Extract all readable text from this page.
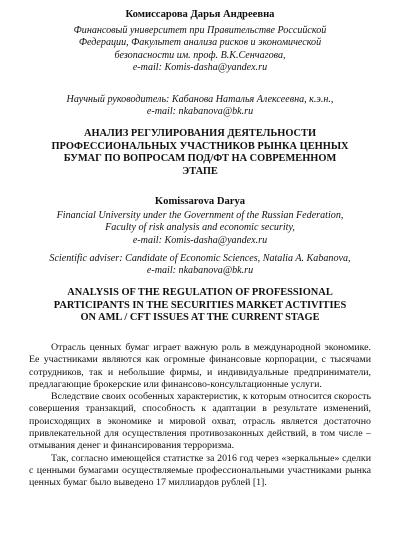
Комиссарова Дарья Андреевна
Финансовый университет при Правительстве Российской
Федерации, Факультет анализа рисков и экономической
безопасности им. проф. В.К.Сенчагова,
e-mail: Komis-dasha@yandex.ru
Научный руководитель: Кабанова Наталья Алексеевна, к.э.н.,
e-mail: nkabanova@bk.ru
АНАЛИЗ РЕГУЛИРОВАНИЯ ДЕЯТЕЛЬНОСТИ
ПРОФЕССИОНАЛЬНЫХ УЧАСТНИКОВ РЫНКА ЦЕННЫХ
БУМАГ ПО ВОПРОСАМ ПОД/ФТ НА СОВРЕМЕННОМ
ЭТАПЕ
Komissarova Darya
Financial University under the Government of the Russian Federation,
Faculty of risk analysis and economic security,
e-mail: Komis-dasha@yandex.ru
Scientific adviser: Candidate of Economic Sciences, Natalia A. Kabanova,
e-mail: nkabanova@bk.ru
ANALYSIS OF THE REGULATION OF PROFESSIONAL
PARTICIPANTS IN THE SECURITIES MARKET ACTIVITIES
ON AML / CFT ISSUES AT THE CURRENT STAGE

Отрасль ценных бумаг играет важную роль в международной экономике. Ее участниками являются как огромные финансовые корпорации, с тысячами сотрудников, так и небольшие фирмы, и индивидуальные предприниматели, предлагающие брокерские или финансово-консультационные услуги.

Вследствие своих особенных характеристик, к которым относится скорость совершения транзакций, способность к адаптации в результате изменений, происходящих в экономике и мировой охват, отрасль является достаточно привлекательной для осуществления противозаконных действий, в том числе – отмывания денег и финансирования терроризма.

Так, согласно имеющейся статистке за 2016 год через «зеркальные» сделки с ценными бумагами осуществляемые профессиональными участниками рынка ценных бумаг было выведено 17 миллиардов рублей [1].
